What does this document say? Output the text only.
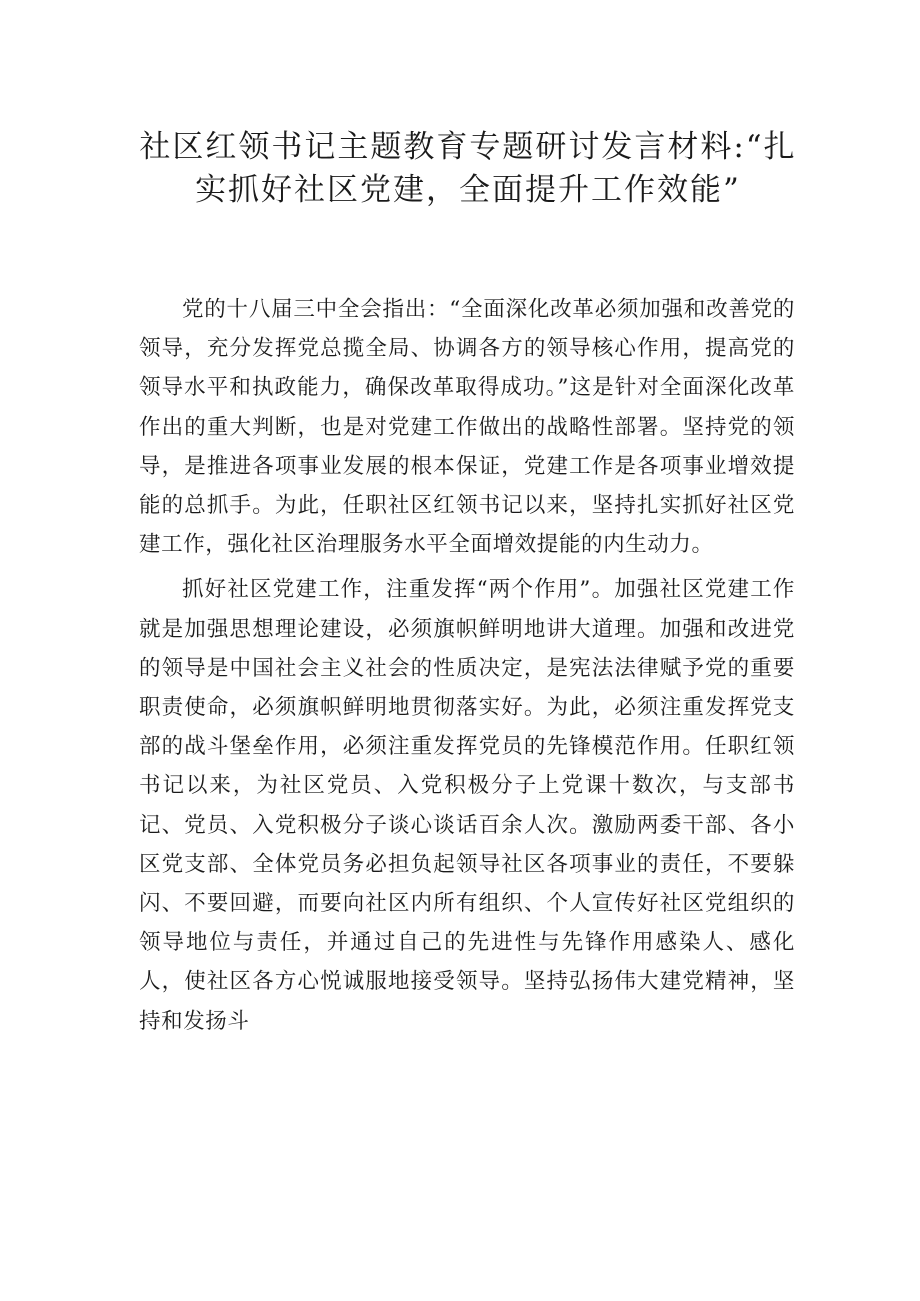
社区红领书记主题教育专题研讨发言材料:“扎实抓好社区党建，全面提升工作效能”

党的十八届三中全会指出：“全面深化改革必须加强和改善党的领导，充分发挥党总揽全局、协调各方的领导核心作用，提高党的领导水平和执政能力，确保改革取得成功。”这是针对全面深化改革作出的重大判断，也是对党建工作做出的战略性部署。坚持党的领导，是推进各项事业发展的根本保证，党建工作是各项事业增效提能的总抓手。为此，任职社区红领书记以来，坚持扎实抓好社区党建工作，强化社区治理服务水平全面增效提能的内生动力。

抓好社区党建工作，注重发挥“两个作用”。加强社区党建工作就是加强思想理论建设，必须旗帜鲜明地讲大道理。加强和改进党的领导是中国社会主义社会的性质决定，是宪法法律赋予党的重要职责使命，必须旗帜鲜明地贯彻落实好。为此，必须注重发挥党支部的战斗堡垒作用，必须注重发挥党员的先锋模范作用。任职红领书记以来，为社区党员、入党积极分子上党课十数次，与支部书记、党员、入党积极分子谈心谈话百余人次。激励两委干部、各小区党支部、全体党员务必担负起领导社区各项事业的责任，不要躲闪、不要回避，而要向社区内所有组织、个人宣传好社区党组织的领导地位与责任，并通过自己的先进性与先锋作用感染人、感化人，使社区各方心悦诚服地接受领导。坚持弘扬伟大建党精神，坚持和发扬斗
